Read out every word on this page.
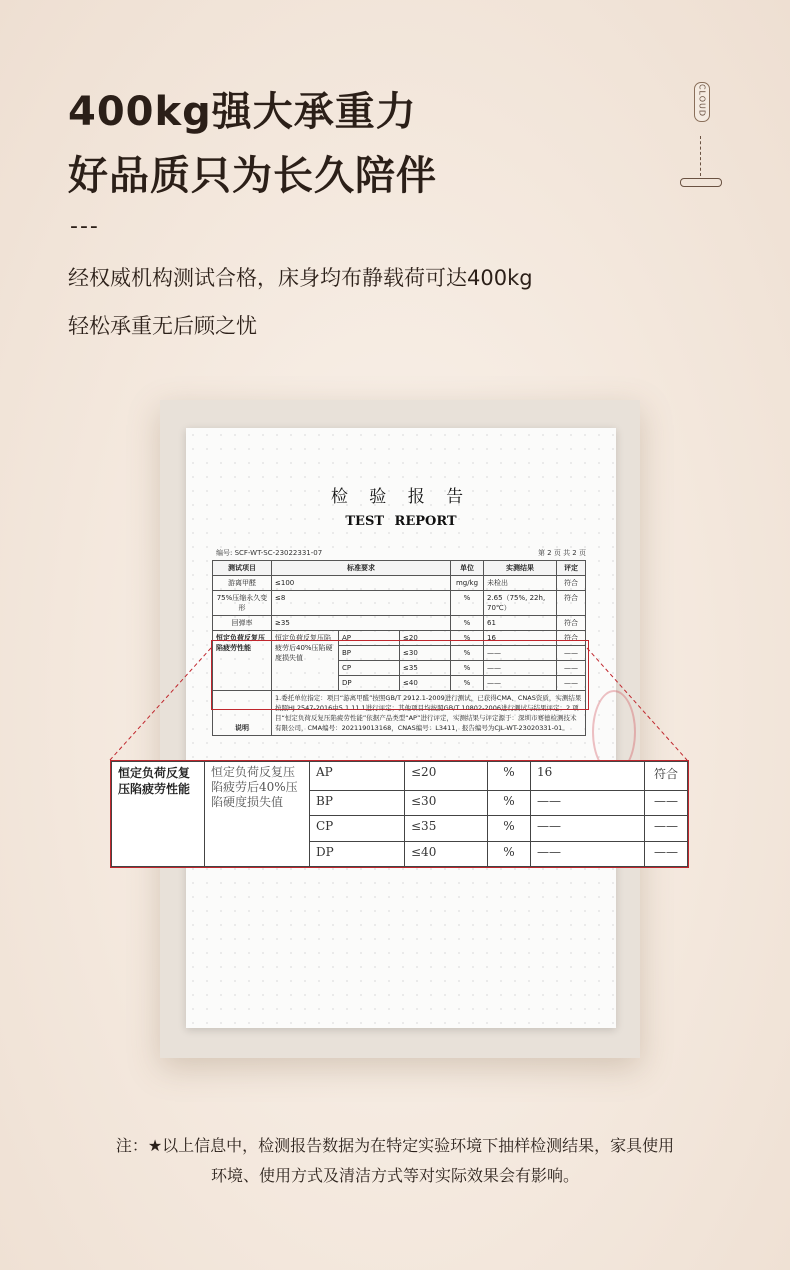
400kg强大承重力
好品质只为长久陪伴
---
经权威机构测试合格，床身均布静载荷可达400kg
轻松承重无后顾之忧
CLOUD
检 验 报 告
TEST REPORT
编号: SCF-WT-SC-23022331-07	第 2 页 共 2 页
测试项目	标准要求			单位	实测结果	评定
游离甲醛	≤100			mg/kg	未检出	符合
75%压缩永久变形	≤8			%	2.65（75%, 22h, 70℃）	符合
回弹率	≥35			%	61	符合
恒定负荷反复压陷疲劳性能	恒定负荷反复压陷疲劳后40%压陷硬度损失值	AP	≤20	%	16	符合
		BP	≤30	%	——	——
		CP	≤35	%	——	——
		DP	≤40	%	——	——
说明	1.委托单位指定：项目“游离甲醛”按照GB/T 2912.1-2009进行测试，已获得CMA、CNAS资质，实测结果按照HJ 2547-2016中5.1.11.1进行评定；其他项目均按照GB/T 10802-2006进行测试与结果评定；2.项目“恒定负荷反复压陷疲劳性能”依据产品类型“AP”进行评定，实测结果与评定源于：深圳市赛德检测技术有限公司，CMA编号：202119013168，CNAS编号：L3411，报告编号为CJL-WT-23020331-01。					
恒定负荷反复压陷疲劳性能	恒定负荷反复压陷疲劳后40%压陷硬度损失值	AP	≤20	%	16	符合
		BP	≤30	%	——	——
		CP	≤35	%	——	——
		DP	≤40	%	——	——
注：★以上信息中，检测报告数据为在特定实验环境下抽样检测结果，家具使用
环境、使用方式及清洁方式等对实际效果会有影响。
